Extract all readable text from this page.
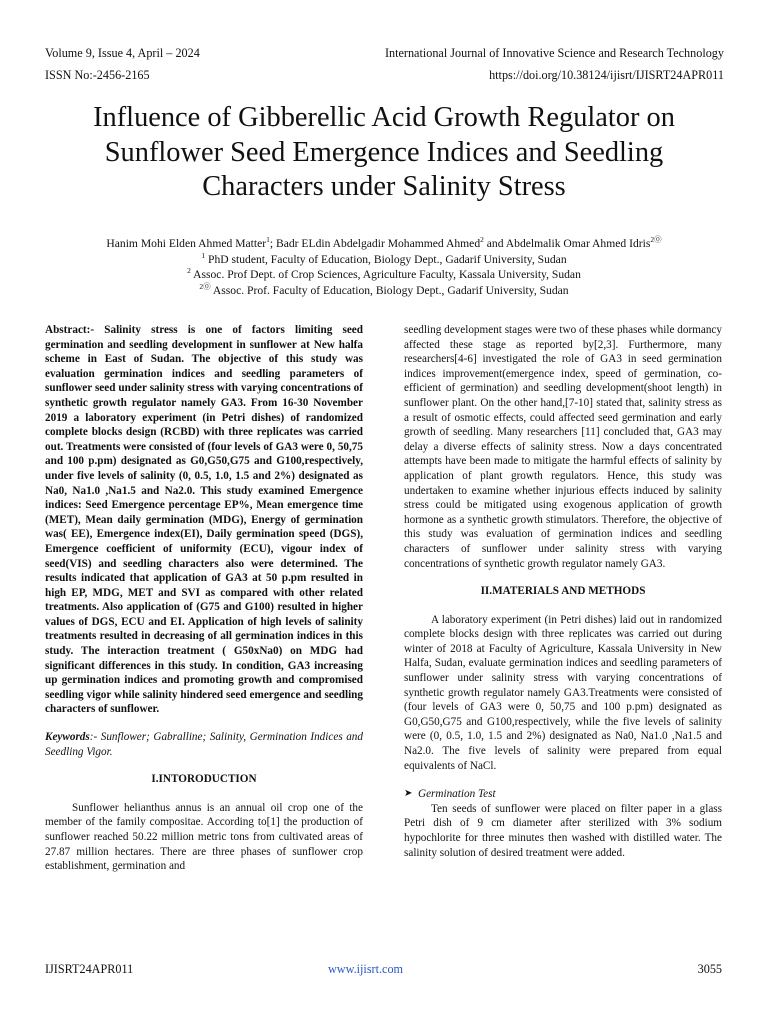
Volume 9, Issue 4, April – 2024
ISSN No:-2456-2165
International Journal of Innovative Science and Research Technology
https://doi.org/10.38124/ijisrt/IJISRT24APR011
Influence of Gibberellic Acid Growth Regulator on
Sunflower Seed Emergence Indices and Seedling
Characters under Salinity Stress
Hanim Mohi Elden Ahmed Matter$^1$; Badr ELdin Abdelgadir Mohammed Ahmed$^2$ and Abdelmalik Omar Ahmed Idris$^{2⓪}$
$^1$ PhD student, Faculty of Education, Biology Dept., Gadarif University, Sudan
$^2$ Assoc. Prof Dept. of Crop Sciences, Agriculture Faculty, Kassala University, Sudan
$^{2⓪}$ Assoc. Prof. Faculty of Education, Biology Dept., Gadarif University, Sudan

Abstract:- Salinity stress is one of factors limiting seed germination and seedling development in sunflower at New halfa scheme in East of Sudan. The objective of this study was evaluation germination indices and seedling parameters of sunflower seed under salinity stress with varying concentrations of synthetic growth regulator namely GA3. From 16-30 November 2019 a laboratory experiment (in Petri dishes) of randomized complete blocks design (RCBD) with three replicates was carried out. Treatments were consisted of (four levels of GA3 were 0, 50,75 and 100 p.pm) designated as G0,G50,G75 and G100,respectively, under five levels of salinity (0, 0.5, 1.0, 1.5 and 2%) designated as Na0, Na1.0 ,Na1.5 and Na2.0. This study examined Emergence indices: Seed Emergence percentage EP%, Mean emergence time (MET), Mean daily germination (MDG), Energy of germination was( EE), Emergence index(EI), Daily germination speed (DGS), Emergence coefficient of uniformity (ECU), vigour index of seed(VIS) and seedling characters also were determined. The results indicated that application of GA3 at 50 p.pm resulted in high EP, MDG, MET and SVI as compared with other related treatments. Also application of (G75 and G100) resulted in higher values of DGS, ECU and EI. Application of high levels of salinity treatments resulted in decreasing of all germination indices in this study. The interaction treatment ( G50xNa0) on MDG had significant differences in this study. In condition, GA3 increasing up germination indices and promoting growth and compromised seedling vigor while salinity hindered seed emergence and seedling characters of sunflower.

Keywords:- Sunflower; Gabralline; Salinity, Germination Indices and Seedling Vigor.

I.INTORODUCTION

Sunflower helianthus annus is an annual oil crop one of the member of the family compositae. According to[1] the production of sunflower reached 50.22 million metric tons from cultivated areas of 27.87 million hectares. There are three phases of sunflower crop establishment, germination and

seedling development stages were two of these phases while dormancy affected these stage as reported by[2,3]. Furthermore, many researchers[4-6] investigated the role of GA3 in seed germination indices improvement(emergence index, speed of germination, co-efficient of germination) and seedling development(shoot length) in sunflower plant. On the other hand,[7-10] stated that, salinity stress as a result of osmotic effects, could affected seed germination and early growth of seedling. Many researchers [11] concluded that, GA3 may delay a diverse effects of salinity stress. Now a days concentrated attempts have been made to mitigate the harmful effects of salinity by application of plant growth regulators. Hence, this study was undertaken to examine whether injurious effects induced by salinity stress could be mitigated using exogenous application of growth hormone as a synthetic growth stimulators. Therefore, the objective of this study was evaluation of germination indices and seedling characters of sunflower under salinity stress with varying concentrations of synthetic growth regulator namely GA3.

II.MATERIALS AND METHODS

A laboratory experiment (in Petri dishes) laid out in randomized complete blocks design with three replicates was carried out during winter of 2018 at Faculty of Agriculture, Kassala University in New Halfa, Sudan, evaluate germination indices and seedling parameters of sunflower under salinity stress with varying concentrations of synthetic growth regulator namely GA3.Treatments were consisted of (four levels of GA3 were 0, 50,75 and 100 p.pm) designated as G0,G50,G75 and G100,respectively, while the five levels of salinity were (0, 0.5, 1.0, 1.5 and 2%) designated as Na0, Na1.0 ,Na1.5 and Na2.0. The five levels of salinity were prepared from equal equivalents of NaCl.

➤ Germination Test

Ten seeds of sunflower were placed on filter paper in a glass Petri dish of 9 cm diameter after sterilized with 3% sodium hypochlorite for three minutes then washed with distilled water. The salinity solution of desired treatment were added.

IJISRT24APR011	www.ijisrt.com	3055
